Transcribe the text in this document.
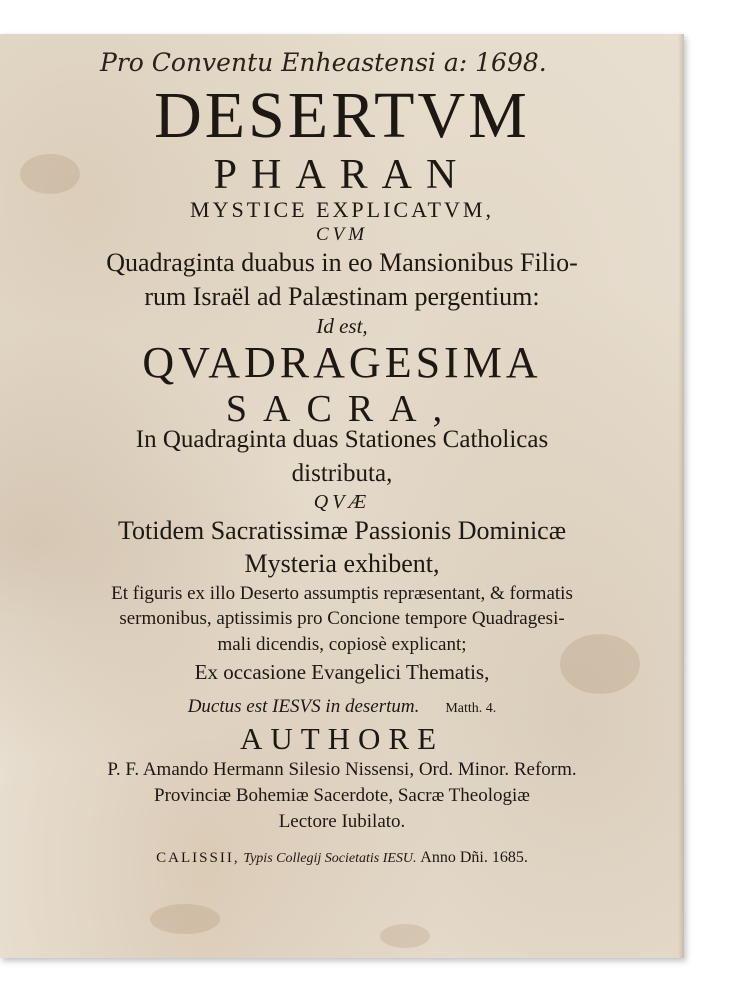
Pro Conventu Enheastensi a: 1698.
DESERTVM
PHARAN
MYSTICE EXPLICATVM,
CVM
Quadraginta duabus in eo Mansionibus Filio-
rum Israël ad Palæstinam pergentium:
Id est,
QVADRAGESIMA
SACRA,
In Quadraginta duas Stationes Catholicas
distributa,
QVÆ
Totidem Sacratissimæ Passionis Dominicæ
Mysteria exhibent,
Et figuris ex illo Deserto assumptis repræsentant, & formatis
sermonibus, aptissimis pro Concione tempore Quadragesi-
mali dicendis, copiosè explicant;
Ex occasione Evangelici Thematis,
Ductus est IESVS in desertum. Matth. 4.
AUTHORE
P. F. Amando Hermann Silesio Nissensi, Ord. Minor. Reform.
Provinciæ Bohemiæ Sacerdote, Sacræ Theologiæ
Lectore Iubilato.
CALISSII, Typis Collegij Societatis IESU. Anno Dñi. 1685.
